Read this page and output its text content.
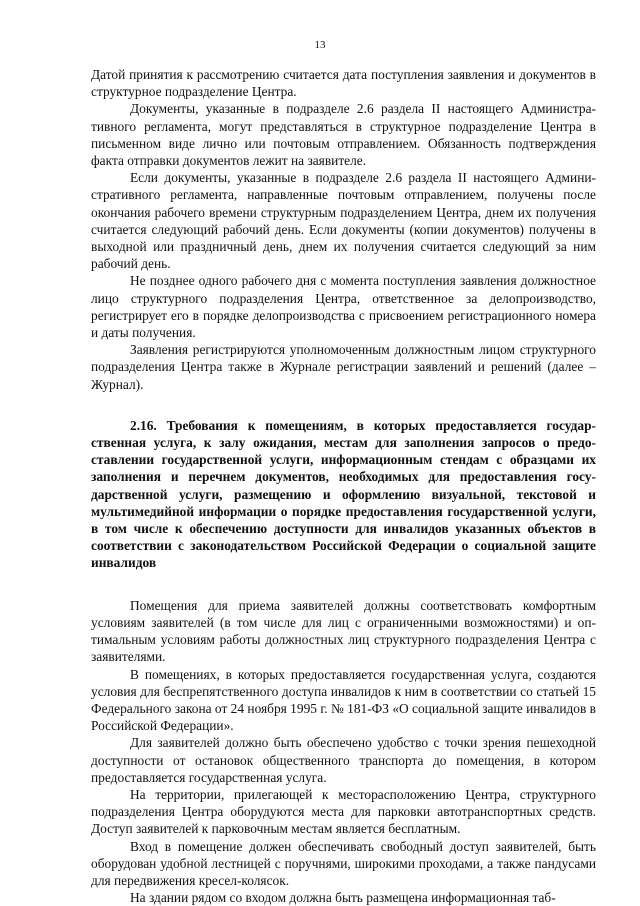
13

Датой принятия к рассмотрению считается дата поступления заявления и документов в структурное подразделение Центра.

Документы, указанные в подразделе 2.6 раздела II настоящего Административного регламента, могут представляться в структурное подразделение Центра в письменном виде лично или почтовым отправлением. Обязанность подтверждения факта отправки документов лежит на заявителе.

Если документы, указанные в подразделе 2.6 раздела II настоящего Административного регламента, направленные почтовым отправлением, получены после окончания рабочего времени структурным подразделением Центра, днем их получения считается следующий рабочий день. Если документы (копии документов) получены в выходной или праздничный день, днем их получения считается следующий за ним рабочий день.

Не позднее одного рабочего дня с момента поступления заявления должностное лицо структурного подразделения Центра, ответственное за делопроизводство, регистрирует его в порядке делопроизводства с присвоением регистрационного номера и даты получения.

Заявления регистрируются уполномоченным должностным лицом структурного подразделения Центра также в Журнале регистрации заявлений и решений (далее – Журнал).

2.16. Требования к помещениям, в которых предоставляется государственная услуга, к залу ожидания, местам для заполнения запросов о предоставлении государственной услуги, информационным стендам с образцами их заполнения и перечнем документов, необходимых для предоставления государственной услуги, размещению и оформлению визуальной, текстовой и мультимедийной информации о порядке предоставления государственной услуги, в том числе к обеспечению доступности для инвалидов указанных объектов в соответствии с законодательством Российской Федерации о социальной защите инвалидов

Помещения для приема заявителей должны соответствовать комфортным условиям заявителей (в том числе для лиц с ограниченными возможностями) и оптимальным условиям работы должностных лиц структурного подразделения Центра с заявителями.

В помещениях, в которых предоставляется государственная услуга, создаются условия для беспрепятственного доступа инвалидов к ним в соответствии со статьей 15 Федерального закона от 24 ноября 1995 г. № 181-ФЗ «О социальной защите инвалидов в Российской Федерации».

Для заявителей должно быть обеспечено удобство с точки зрения пешеходной доступности от остановок общественного транспорта до помещения, в котором предоставляется государственная услуга.

На территории, прилегающей к месторасположению Центра, структурного подразделения Центра оборудуются места для парковки автотранспортных средств. Доступ заявителей к парковочным местам является бесплатным.

Вход в помещение должен обеспечивать свободный доступ заявителей, быть оборудован удобной лестницей с поручнями, широкими проходами, а также пандусами для передвижения кресел-колясок.

На здании рядом со входом должна быть размещена информационная таб-
